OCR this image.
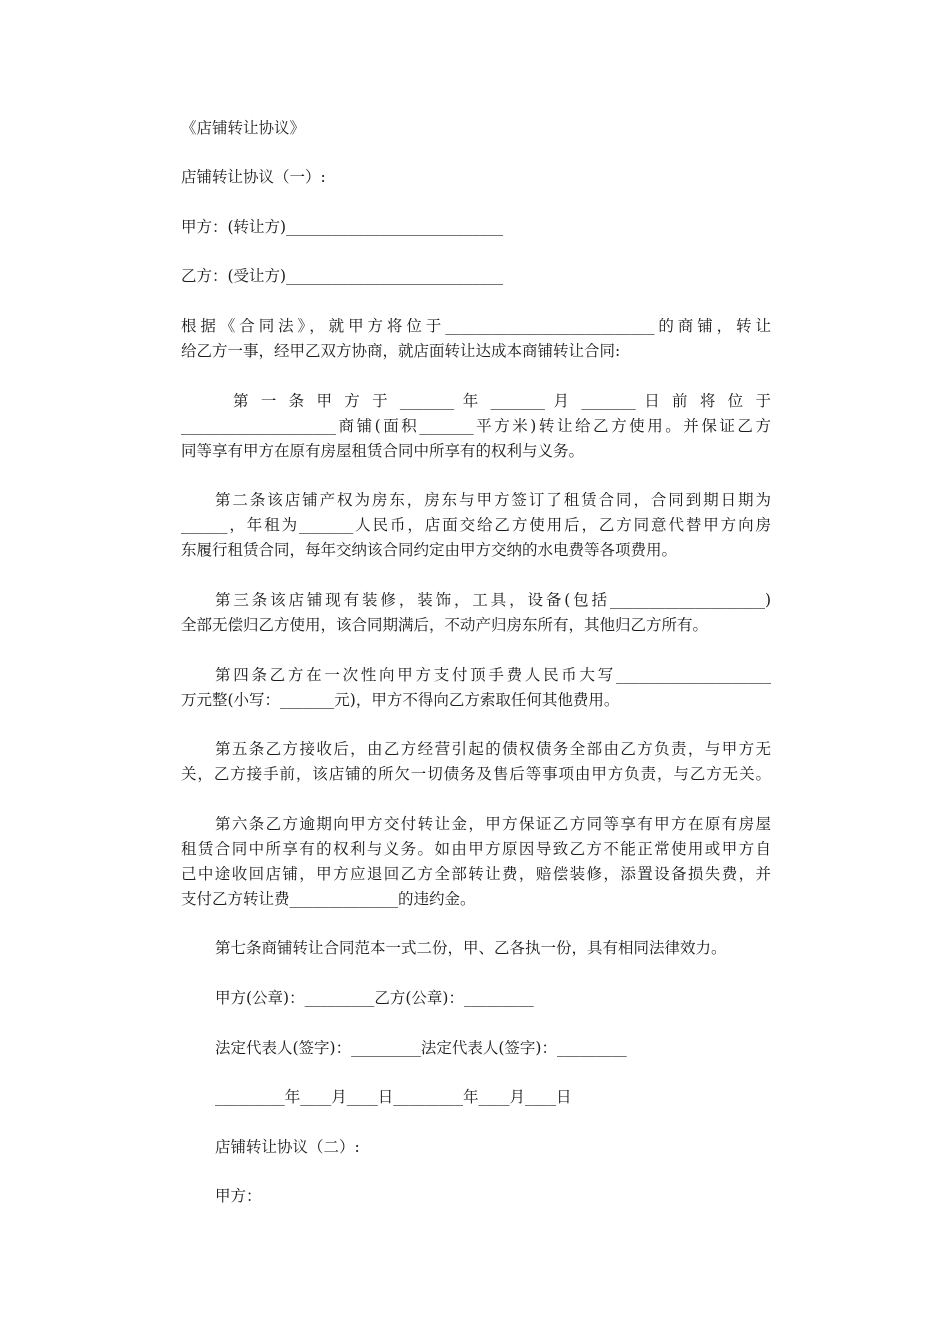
《店铺转让协议》
店铺转让协议（一）:
甲方：(转让方)____________________________
乙方：(受让方)____________________________
根据《合同法》，就甲方将位于___________________________的商铺，转让
给乙方一事，经甲乙双方协商，就店面转让达成本商铺转让合同:
第 一 条 甲 方 于 _______ 年 _______ 月 _______ 日 前 将 位 于
____________________商铺(面积_______平方米)转让给乙方使用。并保证乙方
同等享有甲方在原有房屋租赁合同中所享有的权利与义务。
第二条该店铺产权为房东，房东与甲方签订了租赁合同，合同到期日期为
______，年租为_______人民币，店面交给乙方使用后，乙方同意代替甲方向房
东履行租赁合同，每年交纳该合同约定由甲方交纳的水电费等各项费用。
第三条该店铺现有装修，装饰，工具，设备(包括____________________)
全部无偿归乙方使用，该合同期满后，不动产归房东所有，其他归乙方所有。
第四条乙方在一次性向甲方支付顶手费人民币大写____________________
万元整(小写：_______元)，甲方不得向乙方索取任何其他费用。
第五条乙方接收后，由乙方经营引起的债权债务全部由乙方负责，与甲方无
关，乙方接手前，该店铺的所欠一切债务及售后等事项由甲方负责，与乙方无关。
第六条乙方逾期向甲方交付转让金，甲方保证乙方同等享有甲方在原有房屋
租赁合同中所享有的权利与义务。如由甲方原因导致乙方不能正常使用或甲方自
己中途收回店铺，甲方应退回乙方全部转让费，赔偿装修，添置设备损失费，并
支付乙方转让费______________的违约金。
第七条商铺转让合同范本一式二份，甲、乙各执一份，具有相同法律效力。
甲方(公章)：_________乙方(公章)：_________
法定代表人(签字)：_________法定代表人(签字)：_________
_________年____月____日_________年____月____日
店铺转让协议（二）:
甲方：
